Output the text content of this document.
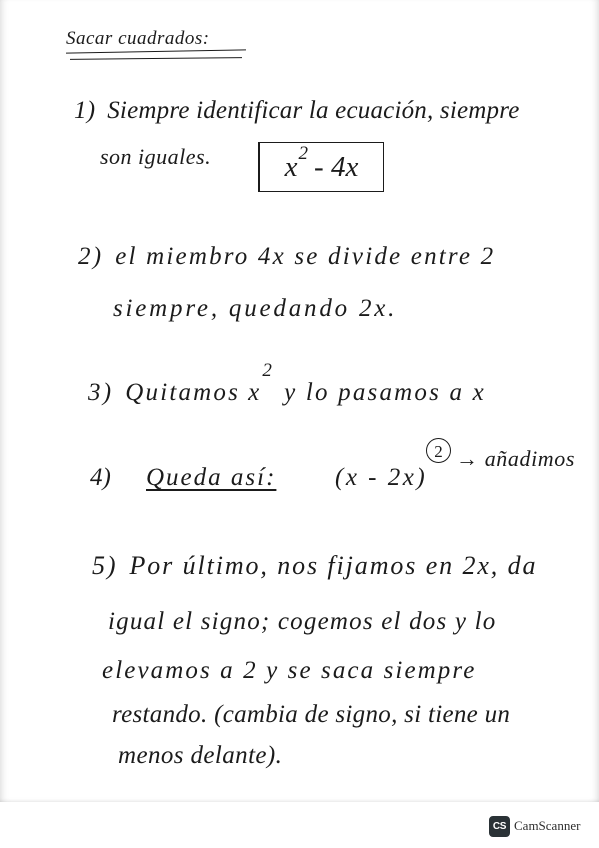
Sacar cuadrados:
1) Siempre identificar la ecuación, siempre
son iguales.	x 2 - 4x
2) el miembro 4x se divide entre 2
siempre, quedando 2x.
3) Quitamos $x^2y$ lo pasamos a x
4) Queda así: (x - 2x)
2 → añadimos
5) Por último, nos fijamos en 2x, da
igual el signo; cogemos el dos y lo
elevamos a 2 y se saca siempre
restando. (cambia de signo, si tiene un
menos delante).
CS CamScanner
